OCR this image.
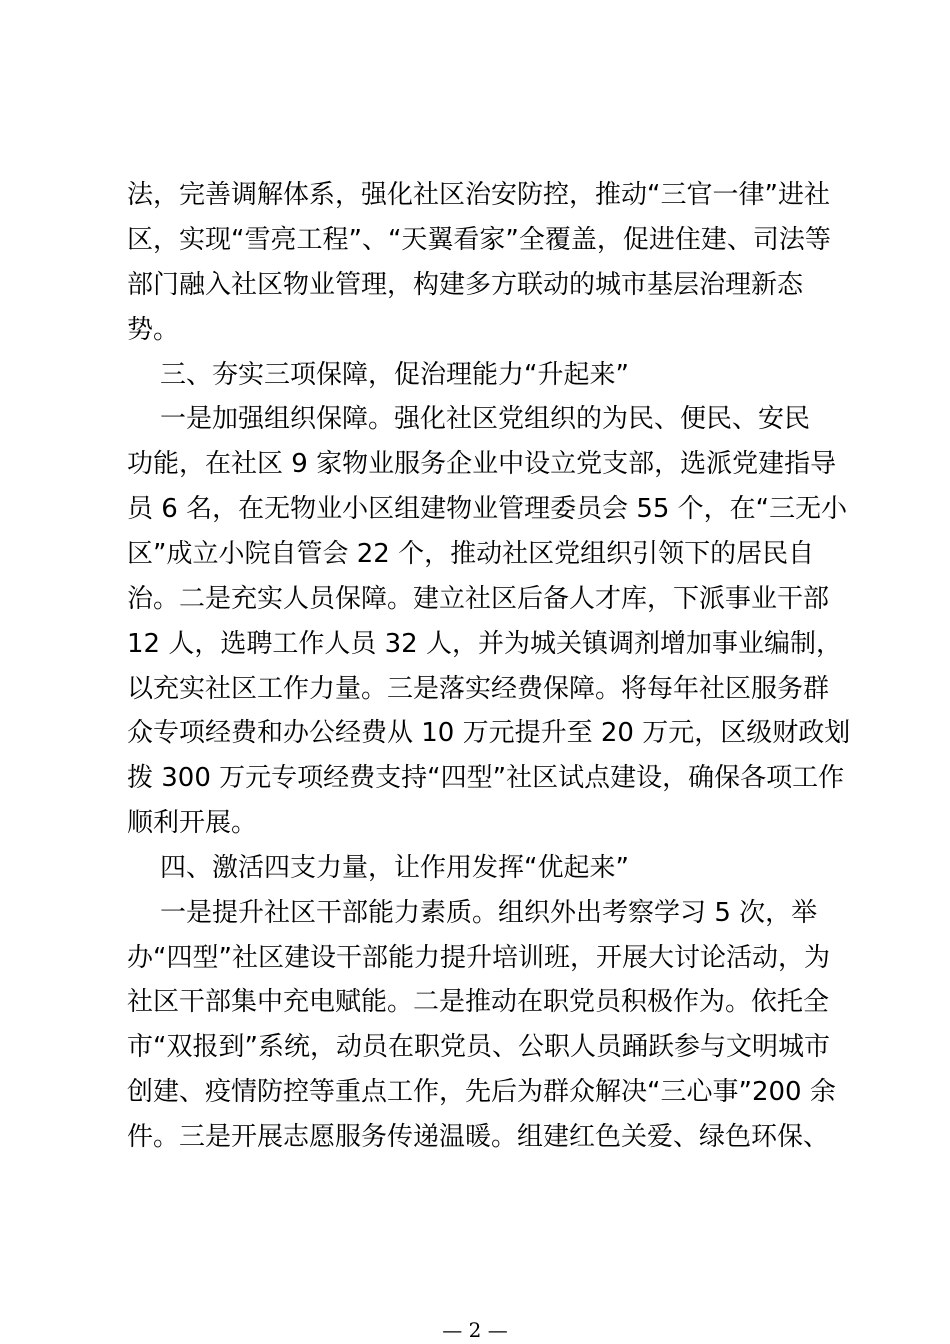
法，完善调解体系，强化社区治安防控，推动“三官一律”进社
区，实现“雪亮工程”、“天翼看家”全覆盖，促进住建、司法等
部门融入社区物业管理，构建多方联动的城市基层治理新态
势。
三、夯实三项保障，促治理能力“升起来”
一是加强组织保障。强化社区党组织的为民、便民、安民
功能，在社区 9 家物业服务企业中设立党支部，选派党建指导
员 6 名，在无物业小区组建物业管理委员会 55 个，在“三无小
区”成立小院自管会 22 个，推动社区党组织引领下的居民自
治。二是充实人员保障。建立社区后备人才库，下派事业干部
12 人，选聘工作人员 32 人，并为城关镇调剂增加事业编制，
以充实社区工作力量。三是落实经费保障。将每年社区服务群
众专项经费和办公经费从 10 万元提升至 20 万元，区级财政划
拨 300 万元专项经费支持“四型”社区试点建设，确保各项工作
顺利开展。
四、激活四支力量，让作用发挥“优起来”
一是提升社区干部能力素质。组织外出考察学习 5 次，举
办“四型”社区建设干部能力提升培训班，开展大讨论活动，为
社区干部集中充电赋能。二是推动在职党员积极作为。依托全
市“双报到”系统，动员在职党员、公职人员踊跃参与文明城市
创建、疫情防控等重点工作，先后为群众解决“三心事”200 余
件。三是开展志愿服务传递温暖。组建红色关爱、绿色环保、
— 2 —
